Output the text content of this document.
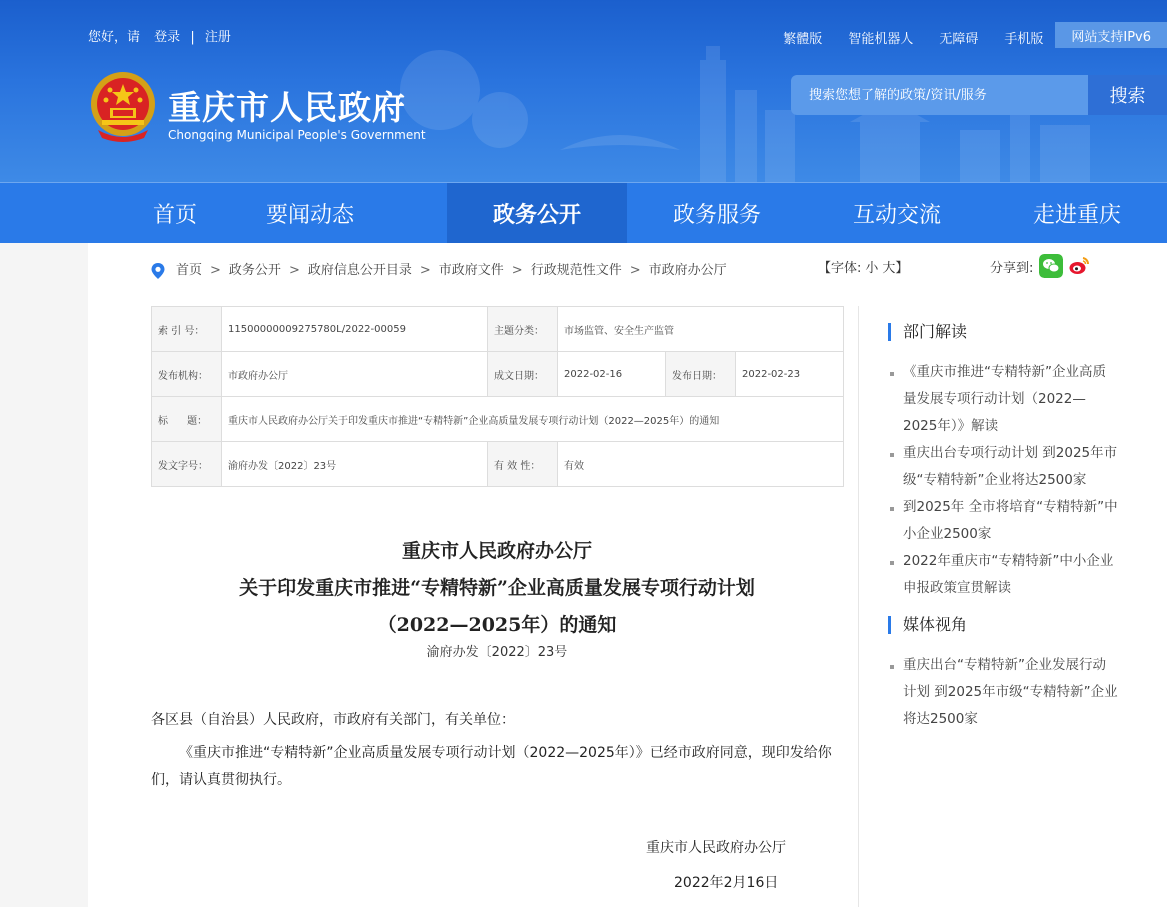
您好，请 登录 | 注册	繁體版 智能机器人 无障碍 手机版	网站支持IPv6
重庆市人民政府
Chongqing Municipal People's Government
搜索您想了解的政策/资讯/服务
搜索
首页	要闻动态	政务公开	政务服务	互动交流	走进重庆
首页 > 政务公开 > 政府信息公开目录 > 市政府文件 > 行政规范性文件 > 市政府办公厅	【字体: 小 大】	分享到:
索 引 号：	11500000009275780L/2022-00059	主题分类：	市场监管、安全生产监管		
发布机构：	市政府办公厅	成文日期：	2022-02-16	发布日期：	2022-02-23
标      题：	重庆市人民政府办公厅关于印发重庆市推进“专精特新”企业高质量发展专项行动计划（2022—2025年）的通知				
发文字号：	渝府办发〔2022〕23号	有 效 性：	有效		
重庆市人民政府办公厅
关于印发重庆市推进“专精特新”企业高质量发展专项行动计划
（2022—2025年）的通知
渝府办发〔2022〕23号
各区县（自治县）人民政府，市政府有关部门，有关单位：
《重庆市推进“专精特新”企业高质量发展专项行动计划（2022—2025年）》已经市政府同意，现印发给你们，请认真贯彻执行。
重庆市人民政府办公厅
2022年2月16日
部门解读
《重庆市推进“专精特新”企业高质量发展专项行动计划（2022—2025年）》解读
重庆出台专项行动计划 到2025年市级“专精特新”企业将达2500家
到2025年 全市将培育“专精特新”中小企业2500家
2022年重庆市“专精特新”中小企业申报政策宣贯解读
媒体视角
重庆出台“专精特新”企业发展行动计划 到2025年市级“专精特新”企业将达2500家
